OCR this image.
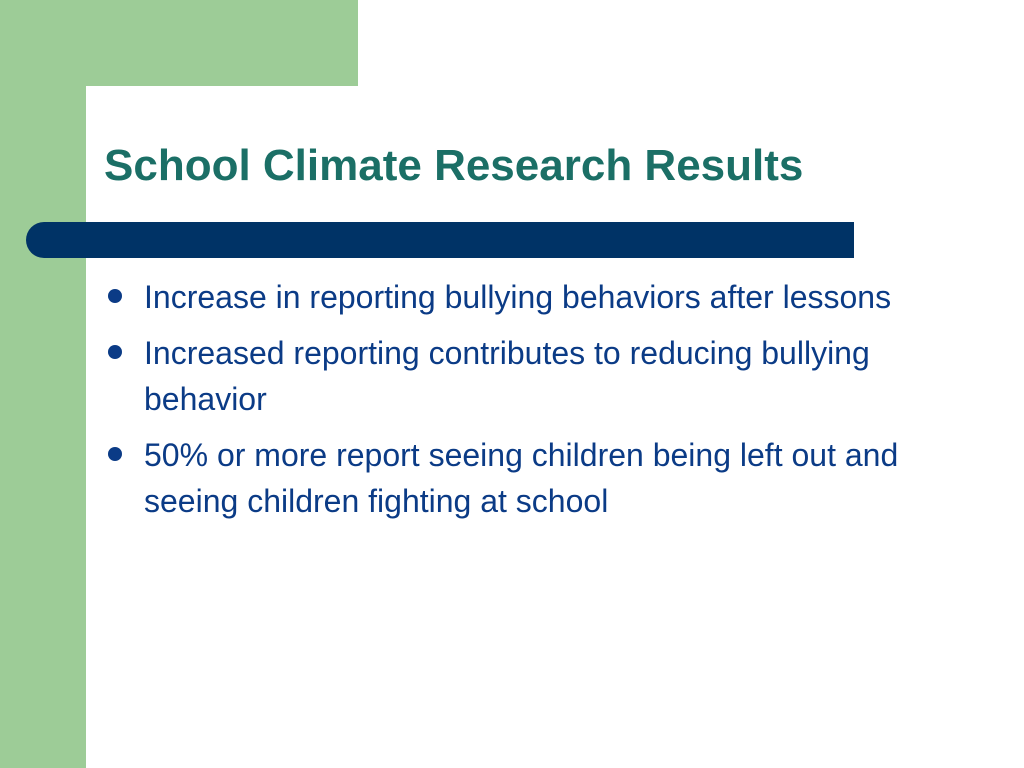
School Climate Research Results
Increase in reporting bullying behaviors after lessons
Increased reporting contributes to reducing bullying behavior
50% or more report seeing children being left out and seeing children fighting at school
